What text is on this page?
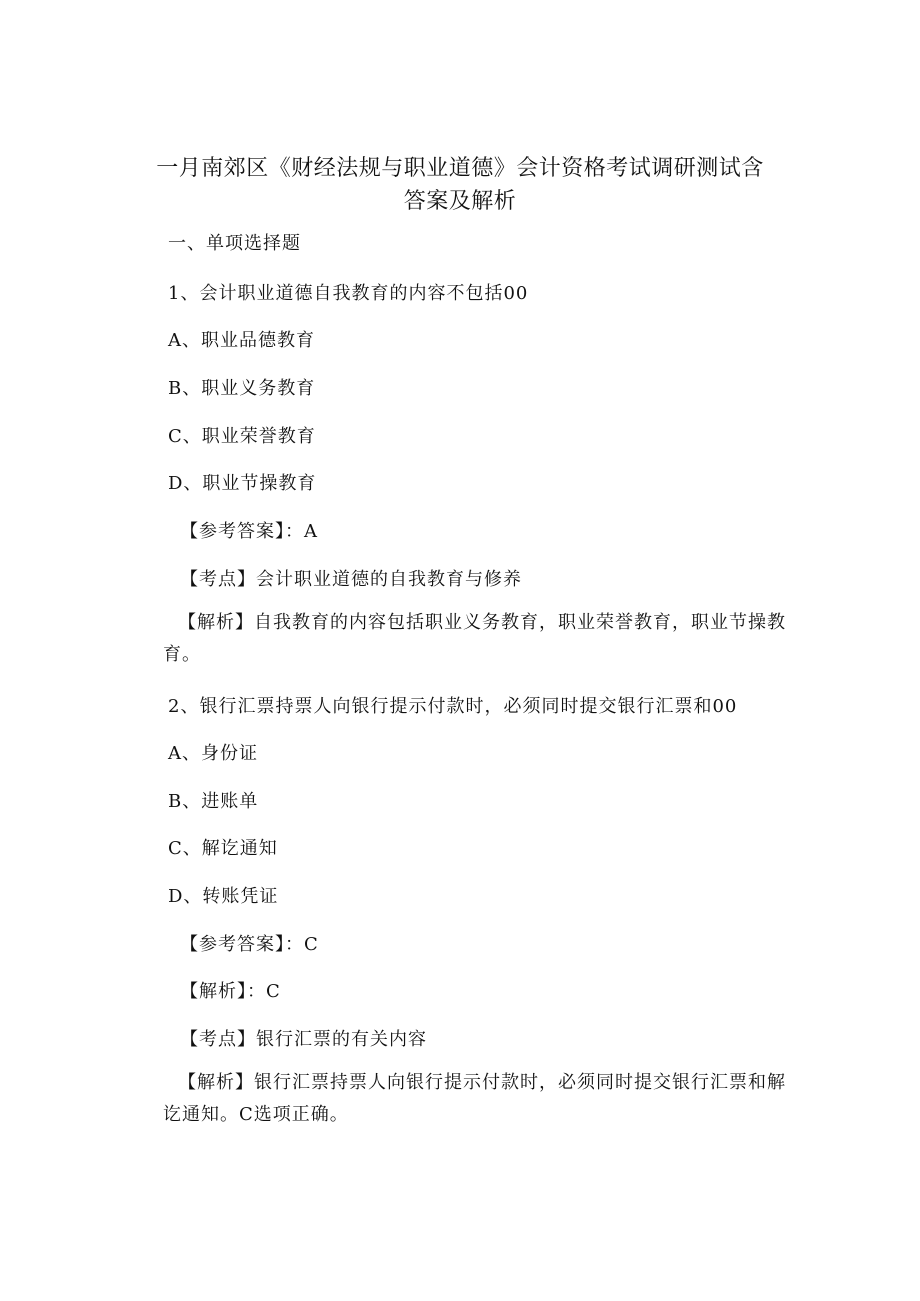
一月南郊区《财经法规与职业道德》会计资格考试调研测试含答案及解析
一、单项选择题
1、会计职业道德自我教育的内容不包括00
A、职业品德教育
B、职业义务教育
C、职业荣誉教育
D、职业节操教育
【参考答案】：A
【考点】会计职业道德的自我教育与修养
【解析】自我教育的内容包括职业义务教育，职业荣誉教育，职业节操教育。
2、银行汇票持票人向银行提示付款时，必须同时提交银行汇票和00
A、身份证
B、进账单
C、解讫通知
D、转账凭证
【参考答案】：C
【解析】：C
【考点】银行汇票的有关内容
【解析】银行汇票持票人向银行提示付款时，必须同时提交银行汇票和解讫通知。C选项正确。
